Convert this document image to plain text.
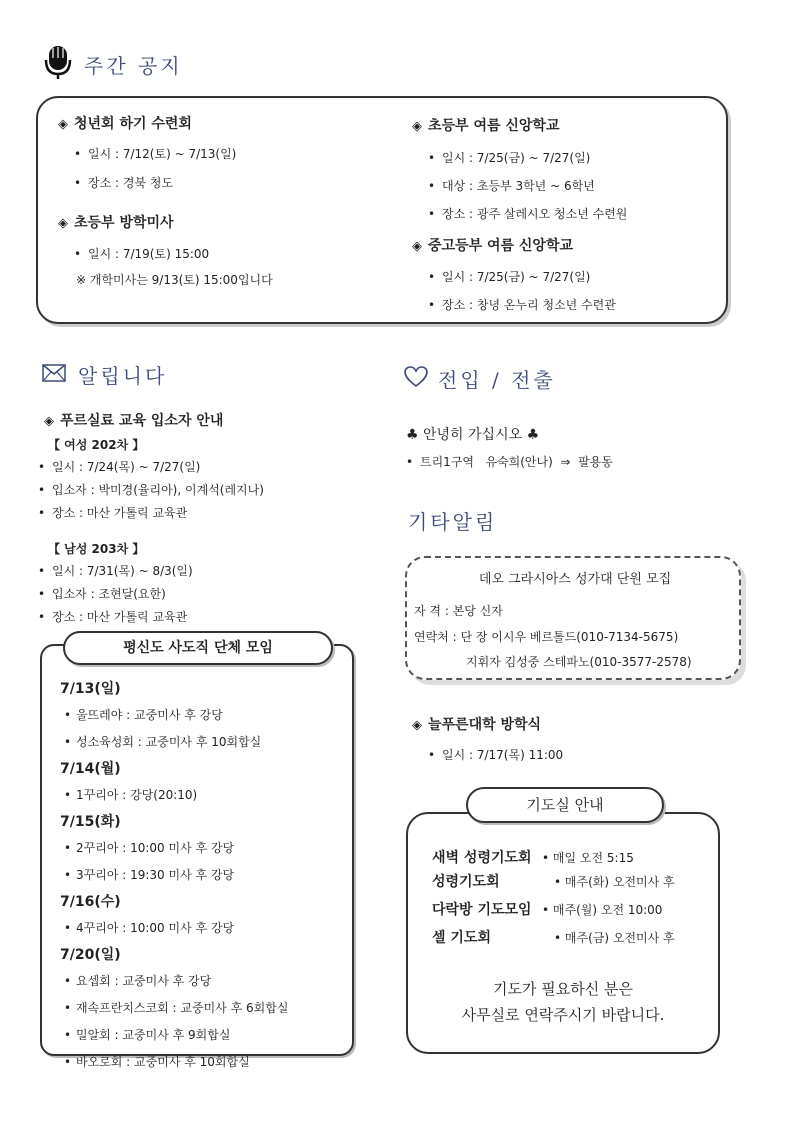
주간 공지
◈ 청년회 하기 수련회
• 일시 : 7/12(토) ~ 7/13(일)
• 장소 : 경북 청도
◈ 초등부 방학미사
• 일시 : 7/19(토) 15:00
※ 개학미사는 9/13(토) 15:00입니다
◈ 초등부 여름 신앙학교
• 일시 : 7/25(금) ~ 7/27(일)
• 대상 : 초등부 3학년 ~ 6학년
• 장소 : 광주 살레시오 청소년 수련원
◈ 중고등부 여름 신앙학교
• 일시 : 7/25(금) ~ 7/27(일)
• 장소 : 창녕 온누리 청소년 수련관
알립니다
◈ 푸르실료 교육 입소자 안내
【 여성 202차 】
• 일시 : 7/24(목) ~ 7/27(일)
• 입소자 : 박미경(율리아), 이계석(레지나)
• 장소 : 마산 가톨릭 교육관
【 남성 203차 】
• 일시 : 7/31(목) ~ 8/3(일)
• 입소자 : 조현달(요한)
• 장소 : 마산 가톨릭 교육관
평신도 사도직 단체 모임
7/13(일)
• 울뜨레야 : 교중미사 후 강당
• 성소육성회 : 교중미사 후 10회합실
7/14(월)
• 1꾸리아 : 강당(20:10)
7/15(화)
• 2꾸리아 : 10:00 미사 후 강당
• 3꾸리아 : 19:30 미사 후 강당
7/16(수)
• 4꾸리아 : 10:00 미사 후 강당
7/20(일)
• 요셉회 : 교중미사 후 강당
• 재속프란치스코회 : 교중미사 후 6회합실
• 밀알회 : 교중미사 후 9회합실
• 바오로회 : 교중미사 후 10회합실
전입 / 전출
♣ 안녕히 가십시오 ♣
• 트리1구역   유숙희(안나)  ⇒  팔용동
기타알림
데오 그라시아스 성가대 단원 모집
자 격 : 본당 신자
연락처 : 단 장 이시우 베르톨드(010-7134-5675)
지휘자 김성중 스테파노(010-3577-2578)
◈ 늘푸른대학 방학식
• 일시 : 7/17(목) 11:00
기도실 안내
새벽 성령기도회 • 매일 오전 5:15
성령기도회	• 매주(화) 오전미사 후
다락방 기도모임 • 매주(월) 오전 10:00
셀 기도회	• 매주(금) 오전미사 후
기도가 필요하신 분은
사무실로 연락주시기 바랍니다.
